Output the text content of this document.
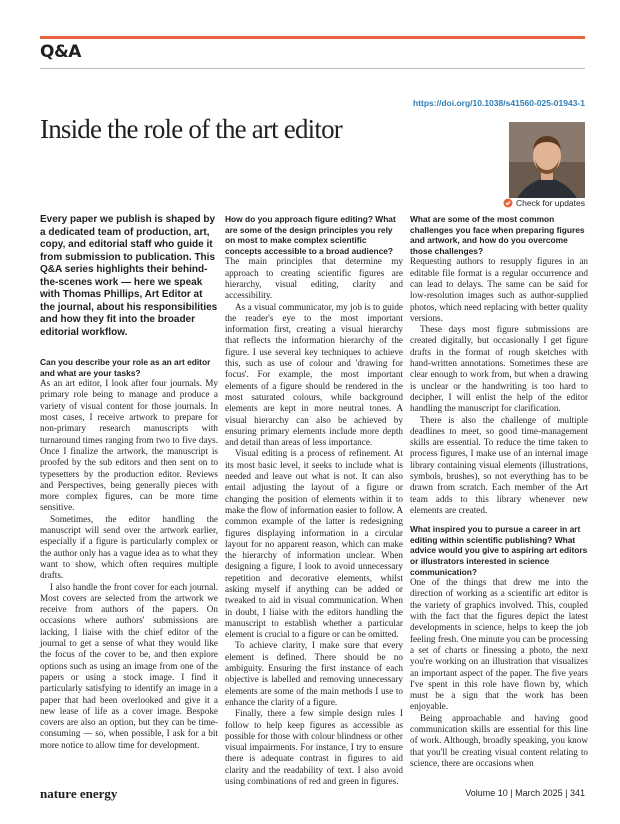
Q&A
https://doi.org/10.1038/s41560-025-01943-1
Inside the role of the art editor
Check for updates

Every paper we publish is shaped by a dedicated team of production, art, copy, and editorial staff who guide it from submission to publication. This Q&A series highlights their behind-the-scenes work — here we speak with Thomas Phillips, Art Editor at the journal, about his responsibilities and how they fit into the broader editorial workflow.

Can you describe your role as an art editor and what are your tasks?

As an art editor, I look after four journals. My primary role being to manage and produce a variety of visual content for those journals. In most cases, I receive artwork to prepare for non-primary research manuscripts with turnaround times ranging from two to five days. Once I finalize the artwork, the manuscript is proofed by the sub editors and then sent on to typesetters by the production editor. Reviews and Perspectives, being generally pieces with more complex figures, can be more time sensitive.

Sometimes, the editor handling the manuscript will send over the artwork earlier, especially if a figure is particularly complex or the author only has a vague idea as to what they want to show, which often requires multiple drafts.

I also handle the front cover for each journal. Most covers are selected from the artwork we receive from authors of the papers. On occasions where authors' submissions are lacking, I liaise with the chief editor of the journal to get a sense of what they would like the focus of the cover to be, and then explore options such as using an image from one of the papers or using a stock image. I find it particularly satisfying to identify an image in a paper that had been overlooked and give it a new lease of life as a cover image. Bespoke covers are also an option, but they can be time-consuming — so, when possible, I ask for a bit more notice to allow time for development.

How do you approach figure editing? What are some of the design principles you rely on most to make complex scientific concepts accessible to a broad audience?

The main principles that determine my approach to creating scientific figures are hierarchy, visual editing, clarity and accessibility.

As a visual communicator, my job is to guide the reader's eye to the most important information first, creating a visual hierarchy that reflects the information hierarchy of the figure. I use several key techniques to achieve this, such as use of colour and 'drawing for focus'. For example, the most important elements of a figure should be rendered in the most saturated colours, while background elements are kept in more neutral tones. A visual hierarchy can also be achieved by ensuring primary elements include more depth and detail than areas of less importance.

Visual editing is a process of refinement. At its most basic level, it seeks to include what is needed and leave out what is not. It can also entail adjusting the layout of a figure or changing the position of elements within it to make the flow of information easier to follow. A common example of the latter is redesigning figures displaying information in a circular layout for no apparent reason, which can make the hierarchy of information unclear. When designing a figure, I look to avoid unnecessary repetition and decorative elements, whilst asking myself if anything can be added or tweaked to aid in visual communication. When in doubt, I liaise with the editors handling the manuscript to establish whether a particular element is crucial to a figure or can be omitted.

To achieve clarity, I make sure that every element is defined. There should be no ambiguity. Ensuring the first instance of each objective is labelled and removing unnecessary elements are some of the main methods I use to enhance the clarity of a figure.

Finally, there a few simple design rules I follow to help keep figures as accessible as possible for those with colour blindness or other visual impairments. For instance, I try to ensure there is adequate contrast in figures to aid clarity and the readability of text. I also avoid using combinations of red and green in figures.

What are some of the most common challenges you face when preparing figures and artwork, and how do you overcome those challenges?

Requesting authors to resupply figures in an editable file format is a regular occurrence and can lead to delays. The same can be said for low-resolution images such as author-supplied photos, which need replacing with better quality versions.

These days most figure submissions are created digitally, but occasionally I get figure drafts in the format of rough sketches with hand-written annotations. Sometimes these are clear enough to work from, but when a drawing is unclear or the handwriting is too hard to decipher, I will enlist the help of the editor handling the manuscript for clarification.

There is also the challenge of multiple deadlines to meet, so good time-management skills are essential. To reduce the time taken to process figures, I make use of an internal image library containing visual elements (illustrations, symbols, brushes), so not everything has to be drawn from scratch. Each member of the Art team adds to this library whenever new elements are created.

What inspired you to pursue a career in art editing within scientific publishing? What advice would you give to aspiring art editors or illustrators interested in science communication?

One of the things that drew me into the direction of working as a scientific art editor is the variety of graphics involved. This, coupled with the fact that the figures depict the latest developments in science, helps to keep the job feeling fresh. One minute you can be processing a set of charts or finessing a photo, the next you're working on an illustration that visualizes an important aspect of the paper. The five years I've spent in this role have flown by, which must be a sign that the work has been enjoyable.

Being approachable and having good communication skills are essential for this line of work. Although, broadly speaking, you know that you'll be creating visual content relating to science, there are occasions when

nature energy	Volume 10 | March 2025 | 341
